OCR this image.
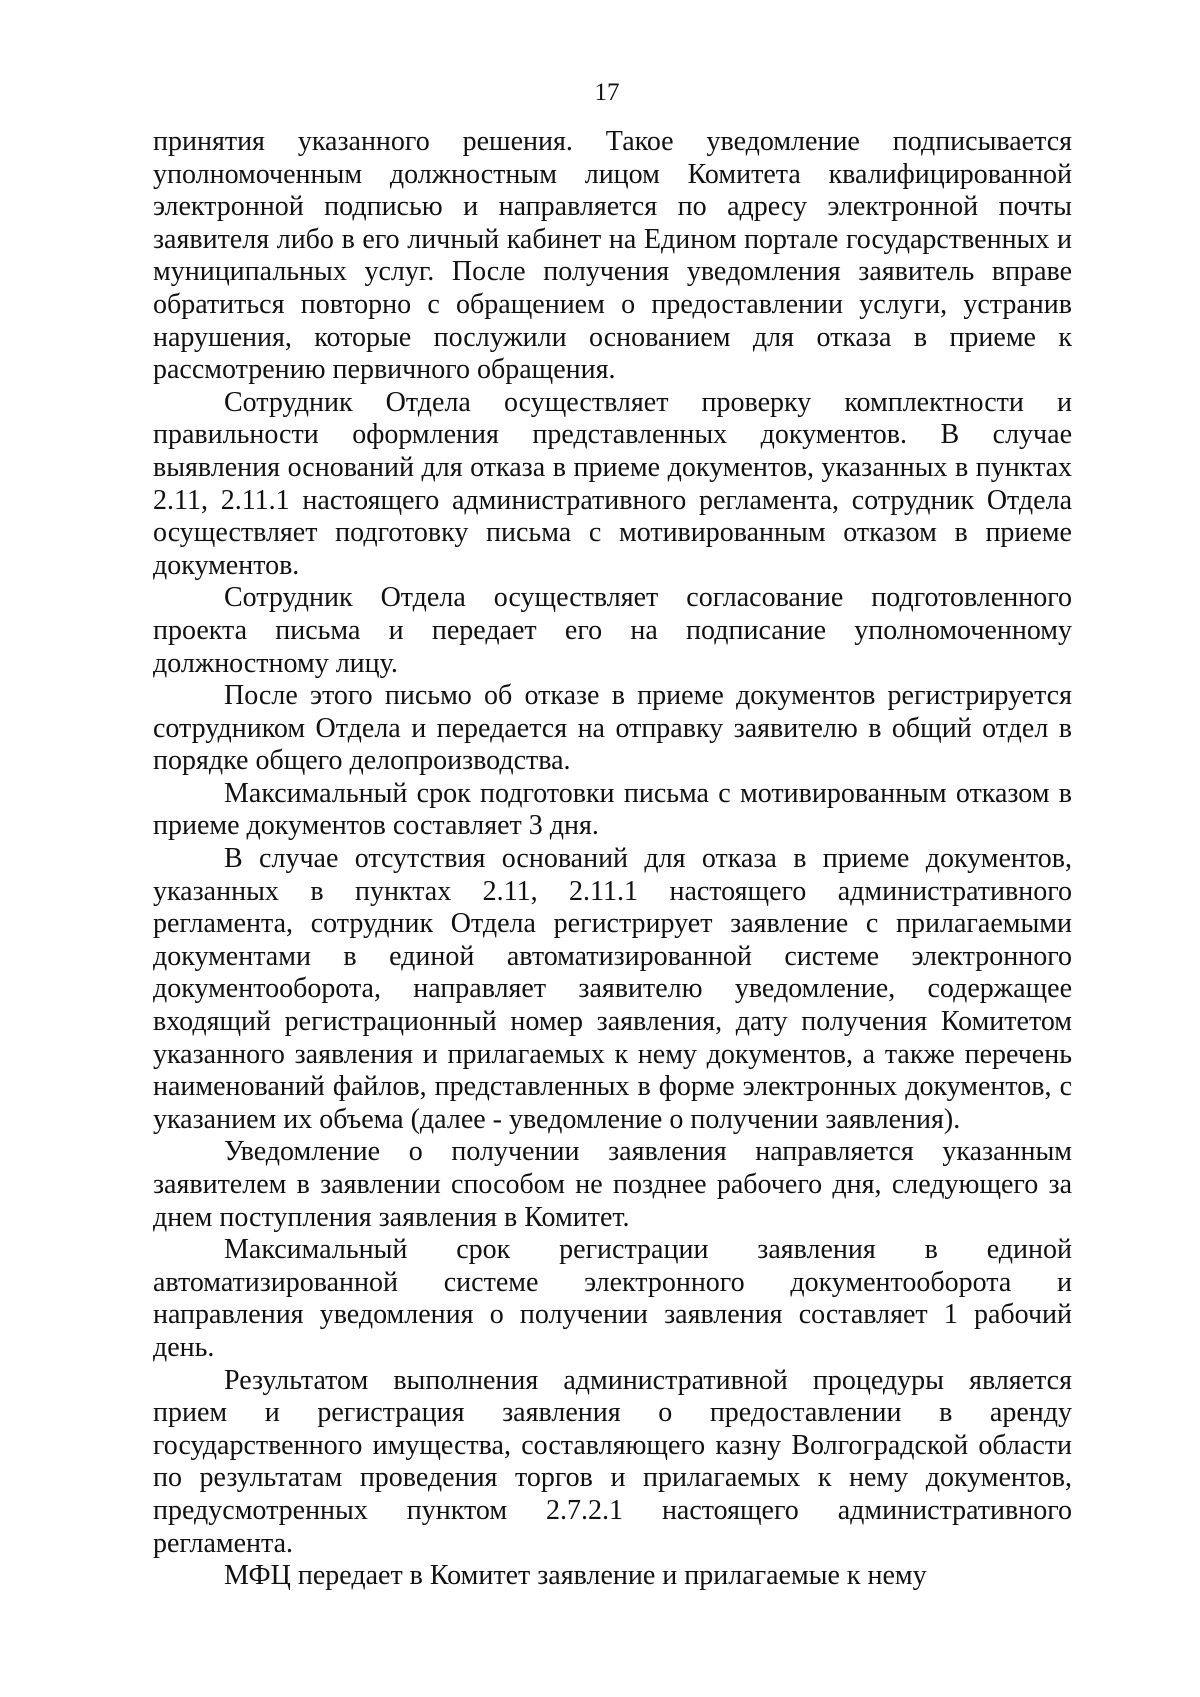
17

принятия указанного решения. Такое уведомление подписывается уполномоченным должностным лицом Комитета квалифицированной электронной подписью и направляется по адресу электронной почты заявителя либо в его личный кабинет на Едином портале государственных и муниципальных услуг. После получения уведомления заявитель вправе обратиться повторно с обращением о предоставлении услуги, устранив нарушения, которые послужили основанием для отказа в приеме к рассмотрению первичного обращения.

Сотрудник Отдела осуществляет проверку комплектности и правильности оформления представленных документов. В случае выявления оснований для отказа в приеме документов, указанных в пунктах 2.11, 2.11.1 настоящего административного регламента, сотрудник Отдела осуществляет подготовку письма с мотивированным отказом в приеме документов.

Сотрудник Отдела осуществляет согласование подготовленного проекта письма и передает его на подписание уполномоченному должностному лицу.

После этого письмо об отказе в приеме документов регистрируется сотрудником Отдела и передается на отправку заявителю в общий отдел в порядке общего делопроизводства.

Максимальный срок подготовки письма с мотивированным отказом в приеме документов составляет 3 дня.

В случае отсутствия оснований для отказа в приеме документов, указанных в пунктах 2.11, 2.11.1 настоящего административного регламента, сотрудник Отдела регистрирует заявление с прилагаемыми документами в единой автоматизированной системе электронного документооборота, направляет заявителю уведомление, содержащее входящий регистрационный номер заявления, дату получения Комитетом указанного заявления и прилагаемых к нему документов, а также перечень наименований файлов, представленных в форме электронных документов, с указанием их объема (далее - уведомление о получении заявления).

Уведомление о получении заявления направляется указанным заявителем в заявлении способом не позднее рабочего дня, следующего за днем поступления заявления в Комитет.

Максимальный срок регистрации заявления в единой автоматизированной системе электронного документооборота и направления уведомления о получении заявления составляет 1 рабочий день.

Результатом выполнения административной процедуры является прием и регистрация заявления о предоставлении в аренду государственного имущества, составляющего казну Волгоградской области по результатам проведения торгов и прилагаемых к нему документов, предусмотренных пунктом 2.7.2.1 настоящего административного регламента.

МФЦ передает в Комитет заявление и прилагаемые к нему
